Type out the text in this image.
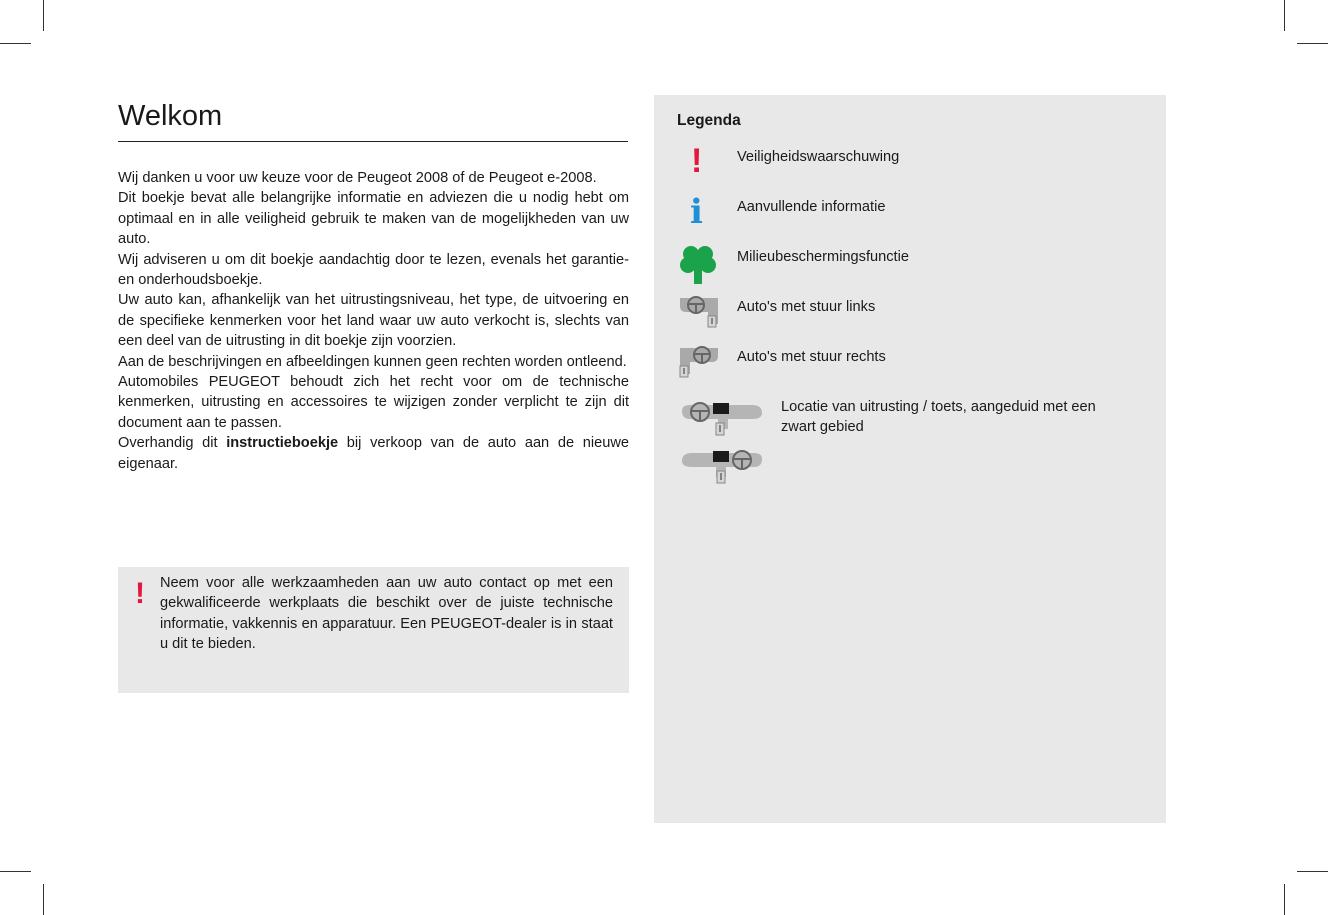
Welkom

Wij danken u voor uw keuze voor de Peugeot 2008 of de Peugeot e-2008.

Dit boekje bevat alle belangrijke informatie en adviezen die u nodig hebt om optimaal en in alle veiligheid gebruik te maken van de mogelijkheden van uw auto.

Wij adviseren u om dit boekje aandachtig door te lezen, evenals het garantie- en onderhoudsboekje.

Uw auto kan, afhankelijk van het uitrustingsniveau, het type, de uitvoering en de specifieke kenmerken voor het land waar uw auto verkocht is, slechts van een deel van de uitrusting in dit boekje zijn voorzien.

Aan de beschrijvingen en afbeeldingen kunnen geen rechten worden ontleend.

Automobiles PEUGEOT behoudt zich het recht voor om de technische kenmerken, uitrusting en accessoires te wijzigen zonder verplicht te zijn dit document aan te passen.

Overhandig dit instructieboekje bij verkoop van de auto aan de nieuwe eigenaar.

! Neem voor alle werkzaamheden aan uw auto contact op met een gekwalificeerde werkplaats die beschikt over de juiste technische informatie, vakkennis en apparatuur. Een PEUGEOT-dealer is in staat u dit te bieden.

Legenda
! Veiligheidswaarschuwing
i Aanvullende informatie
Milieubeschermingsfunctie
Auto's met stuur links
Auto's met stuur rechts
Locatie van uitrusting / toets, aangeduid met een zwart gebied
